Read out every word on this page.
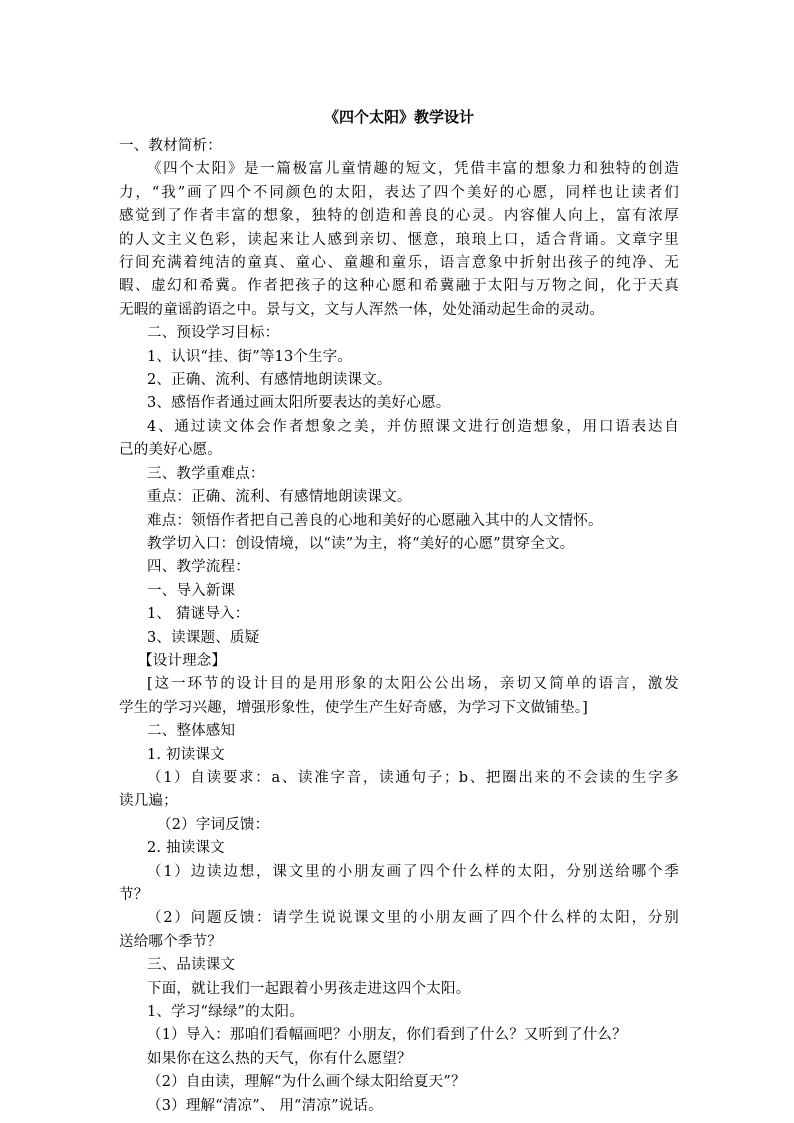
《四个太阳》教学设计
一、教材简析：
《四个太阳》是一篇极富儿童情趣的短文，凭借丰富的想象力和独特的创造
力，“我”画了四个不同颜色的太阳，表达了四个美好的心愿，同样也让读者们
感觉到了作者丰富的想象，独特的创造和善良的心灵。内容催人向上，富有浓厚
的人文主义色彩，读起来让人感到亲切、惬意，琅琅上口，适合背诵。文章字里
行间充满着纯洁的童真、童心、童趣和童乐，语言意象中折射出孩子的纯净、无
暇、虚幻和希冀。作者把孩子的这种心愿和希冀融于太阳与万物之间，化于天真
无暇的童谣韵语之中。景与文，文与人浑然一体，处处涌动起生命的灵动。
二、预设学习目标：
1、认识“挂、街”等13个生字。
2、正确、流利、有感情地朗读课文。
3、感悟作者通过画太阳所要表达的美好心愿。
4、通过读文体会作者想象之美，并仿照课文进行创造想象，用口语表达自
己的美好心愿。
三、教学重难点：
重点：正确、流利、有感情地朗读课文。
难点：领悟作者把自己善良的心地和美好的心愿融入其中的人文情怀。
教学切入口：创设情境，以“读”为主，将“美好的心愿”贯穿全文。
四、教学流程：
一、导入新课
1、 猜谜导入：
3、读课题、质疑
【设计理念】
[这一环节的设计目的是用形象的太阳公公出场，亲切又简单的语言，激发
学生的学习兴趣，增强形象性，使学生产生好奇感，为学习下文做铺垫。]
二、整体感知
1. 初读课文
（1）自读要求：a、读准字音，读通句子；b、把圈出来的不会读的生字多
读几遍；
（2）字词反馈：
2. 抽读课文
（1）边读边想，课文里的小朋友画了四个什么样的太阳，分别送给哪个季
节？
（2）问题反馈：请学生说说课文里的小朋友画了四个什么样的太阳，分别
送给哪个季节？
三、品读课文
下面，就让我们一起跟着小男孩走进这四个太阳。
1、学习“绿绿”的太阳。
（1）导入：那咱们看幅画吧？小朋友，你们看到了什么？又听到了什么？
如果你在这么热的天气，你有什么愿望？
（2）自由读，理解“为什么画个绿太阳给夏天”？
（3）理解“清凉”、 用“清凉”说话。
